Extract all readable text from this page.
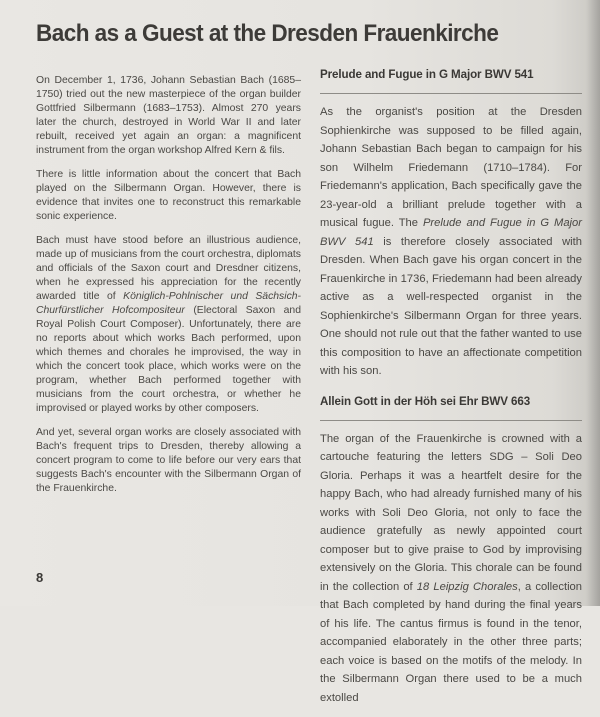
Bach as a Guest at the Dresden Frauenkirche

On December 1, 1736, Johann Sebastian Bach (1685–1750) tried out the new masterpiece of the organ builder Gottfried Silbermann (1683–1753). Almost 270 years later the church, destroyed in World War II and later rebuilt, received yet again an organ: a magnificent instrument from the organ workshop Alfred Kern & fils.

There is little information about the concert that Bach played on the Silbermann Organ. However, there is evidence that invites one to reconstruct this remarkable sonic experience.

Bach must have stood before an illustrious audience, made up of musicians from the court orchestra, diplomats and officials of the Saxon court and Dresdner citizens, when he expressed his appreciation for the recently awarded title of Königlich-Pohlnischer und Sächsich-Churfürstlicher Hofcompositeur (Electoral Saxon and Royal Polish Court Composer). Unfortunately, there are no reports about which works Bach performed, upon which themes and chorales he improvised, the way in which the concert took place, which works were on the program, whether Bach performed together with musicians from the court orchestra, or whether he improvised or played works by other composers.

And yet, several organ works are closely associated with Bach's frequent trips to Dresden, thereby allowing a concert program to come to life before our very ears that suggests Bach's encounter with the Silbermann Organ of the Frauenkirche.

Prelude and Fugue in G Major BWV 541

As the organist's position at the Dresden Sophienkirche was supposed to be filled again, Johann Sebastian Bach began to campaign for his son Wilhelm Friedemann (1710–1784). For Friedemann's application, Bach specifically gave the 23-year-old a brilliant prelude together with a musical fugue. The Prelude and Fugue in G Major BWV 541 is therefore closely associated with Dresden. When Bach gave his organ concert in the Frauenkirche in 1736, Friedemann had been already active as a well-respected organist in the Sophienkirche's Silbermann Organ for three years. One should not rule out that the father wanted to use this composition to have an affectionate competition with his son.

Allein Gott in der Höh sei Ehr BWV 663

The organ of the Frauenkirche is crowned with a cartouche featuring the letters SDG – Soli Deo Gloria. Perhaps it was a heartfelt desire for the happy Bach, who had already furnished many of his works with Soli Deo Gloria, not only to face the audience gratefully as newly appointed court composer but to give praise to God by improvising extensively on the Gloria. This chorale can be found in the collection of 18 Leipzig Chorales, a collection that Bach completed by hand during the final years of his life. The cantus firmus is found in the tenor, accompanied elaborately in the other three parts; each voice is based on the motifs of the melody. In the Silbermann Organ there used to be a much extolled

8
